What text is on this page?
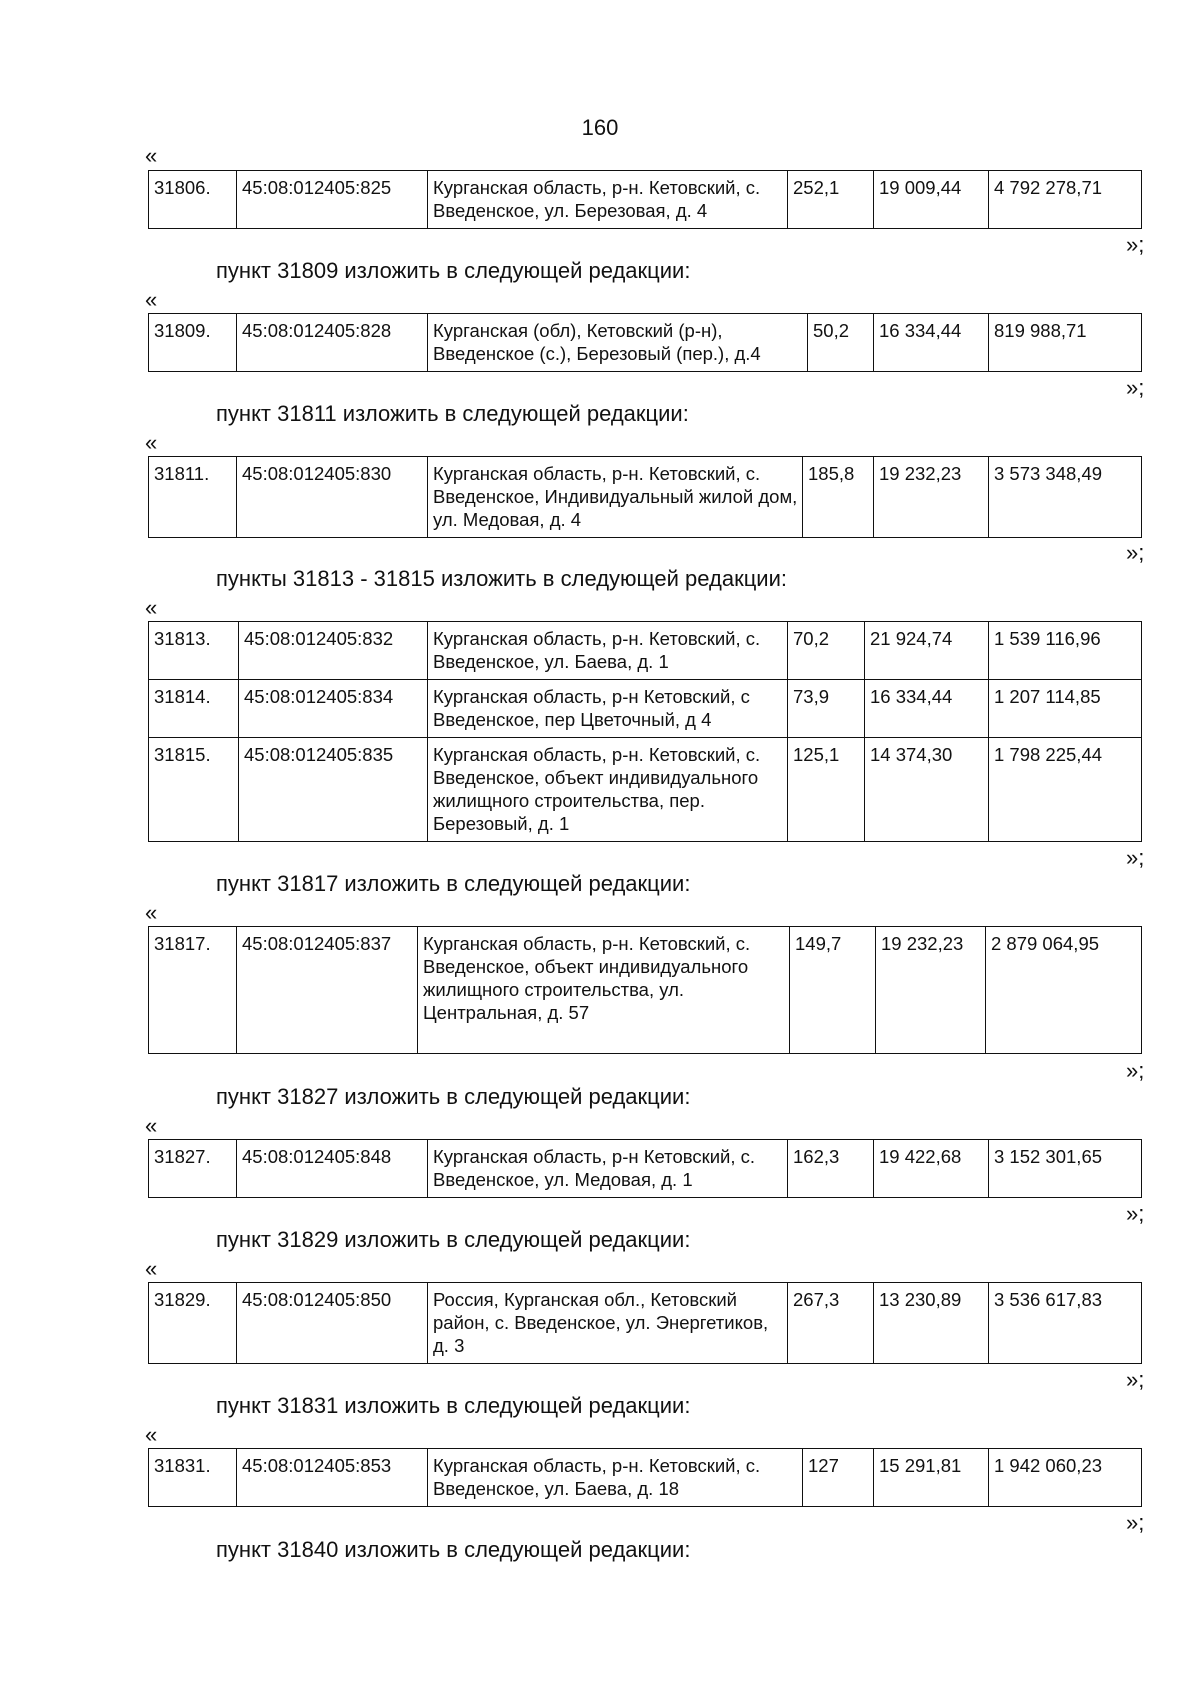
160
«
31806.	45:08:012405:825	Курганская область, р-н. Кетовский, с. Введенское, ул. Березовая, д. 4	252,1	19 009,44	4 792 278,71
»;
пункт 31809 изложить в следующей редакции:
«
31809.	45:08:012405:828	Курганская (обл), Кетовский (р-н), Введенское (с.), Березовый (пер.), д.4	50,2	16 334,44	819 988,71
»;
пункт 31811 изложить в следующей редакции:
«
31811.	45:08:012405:830	Курганская область, р-н. Кетовский, с. Введенское, Индивидуальный жилой дом, ул. Медовая, д. 4	185,8	19 232,23	3 573 348,49
»;
пункты 31813 - 31815 изложить в следующей редакции:
«
31813.	45:08:012405:832	Курганская область, р-н. Кетовский, с. Введенское, ул. Баева, д. 1	70,2	21 924,74	1 539 116,96
31814.	45:08:012405:834	Курганская область, р-н Кетовский, с Введенское, пер Цветочный, д 4	73,9	16 334,44	1 207 114,85
31815.	45:08:012405:835	Курганская область, р-н. Кетовский, с. Введенское, объект индивидуального жилищного строительства, пер. Березовый, д. 1	125,1	14 374,30	1 798 225,44
»;
пункт 31817 изложить в следующей редакции:
«
31817.	45:08:012405:837	Курганская область, р-н. Кетовский, с. Введенское, объект индивидуального жилищного строительства, ул. Центральная, д. 57	149,7	19 232,23	2 879 064,95
»;
пункт 31827 изложить в следующей редакции:
«
31827.	45:08:012405:848	Курганская область, р-н Кетовский, с. Введенское, ул. Медовая, д. 1	162,3	19 422,68	3 152 301,65
»;
пункт 31829 изложить в следующей редакции:
«
31829.	45:08:012405:850	Россия, Курганская обл., Кетовский район, с. Введенское, ул. Энергетиков, д. 3	267,3	13 230,89	3 536 617,83
»;
пункт 31831 изложить в следующей редакции:
«
31831.	45:08:012405:853	Курганская область, р-н. Кетовский, с. Введенское, ул. Баева, д. 18	127	15 291,81	1 942 060,23
»;
пункт 31840 изложить в следующей редакции:
